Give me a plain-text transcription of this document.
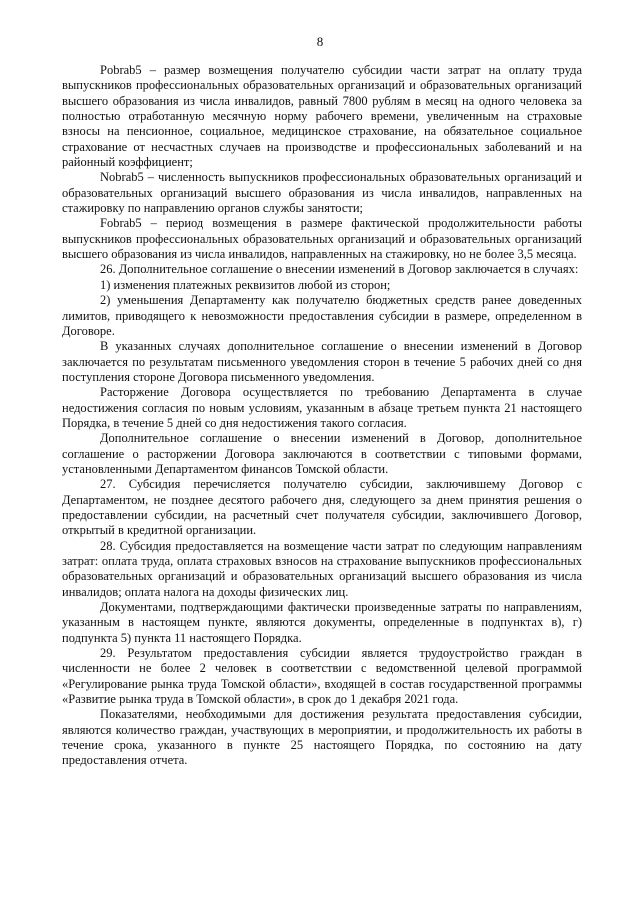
8

Pobrab5 – размер возмещения получателю субсидии части затрат на оплату труда выпускников профессиональных образовательных организаций и образовательных организаций высшего образования из числа инвалидов, равный 7800 рублям в месяц на одного человека за полностью отработанную месячную норму рабочего времени, увеличенным на страховые взносы на пенсионное, социальное, медицинское страхование, на обязательное социальное страхование от несчастных случаев на производстве и профессиональных заболеваний и на районный коэффициент;

Nobrab5 – численность выпускников профессиональных образовательных организаций и образовательных организаций высшего образования из числа инвалидов, направленных на стажировку по направлению органов службы занятости;

Fobrab5 – период возмещения в размере фактической продолжительности работы выпускников профессиональных образовательных организаций и образовательных организаций высшего образования из числа инвалидов, направленных на стажировку, но не более 3,5 месяца.

26. Дополнительное соглашение о внесении изменений в Договор заключается в случаях:

1) изменения платежных реквизитов любой из сторон;

2) уменьшения Департаменту как получателю бюджетных средств ранее доведенных лимитов, приводящего к невозможности предоставления субсидии в размере, определенном в Договоре.

В указанных случаях дополнительное соглашение о внесении изменений в Договор заключается по результатам письменного уведомления сторон в течение 5 рабочих дней со дня поступления стороне Договора письменного уведомления.

Расторжение Договора осуществляется по требованию Департамента в случае недостижения согласия по новым условиям, указанным в абзаце третьем пункта 21 настоящего Порядка, в течение 5 дней со дня недостижения такого согласия.

Дополнительное соглашение о внесении изменений в Договор, дополнительное соглашение о расторжении Договора заключаются в соответствии с типовыми формами, установленными Департаментом финансов Томской области.

27. Субсидия перечисляется получателю субсидии, заключившему Договор с Департаментом, не позднее десятого рабочего дня, следующего за днем принятия решения о предоставлении субсидии, на расчетный счет получателя субсидии, заключившего Договор, открытый в кредитной организации.

28. Субсидия предоставляется на возмещение части затрат по следующим направлениям затрат: оплата труда, оплата страховых взносов на страхование выпускников профессиональных образовательных организаций и образовательных организаций высшего образования из числа инвалидов; оплата налога на доходы физических лиц.

Документами, подтверждающими фактически произведенные затраты по направлениям, указанным в настоящем пункте, являются документы, определенные в подпунктах в), г) подпункта 5) пункта 11 настоящего Порядка.

29. Результатом предоставления субсидии является трудоустройство граждан в численности не более 2 человек в соответствии с ведомственной целевой программой «Регулирование рынка труда Томской области», входящей в состав государственной программы «Развитие рынка труда в Томской области», в срок до 1 декабря 2021 года.

Показателями, необходимыми для достижения результата предоставления субсидии, являются количество граждан, участвующих в мероприятии, и продолжительность их работы в течение срока, указанного в пункте 25 настоящего Порядка, по состоянию на дату предоставления отчета.
